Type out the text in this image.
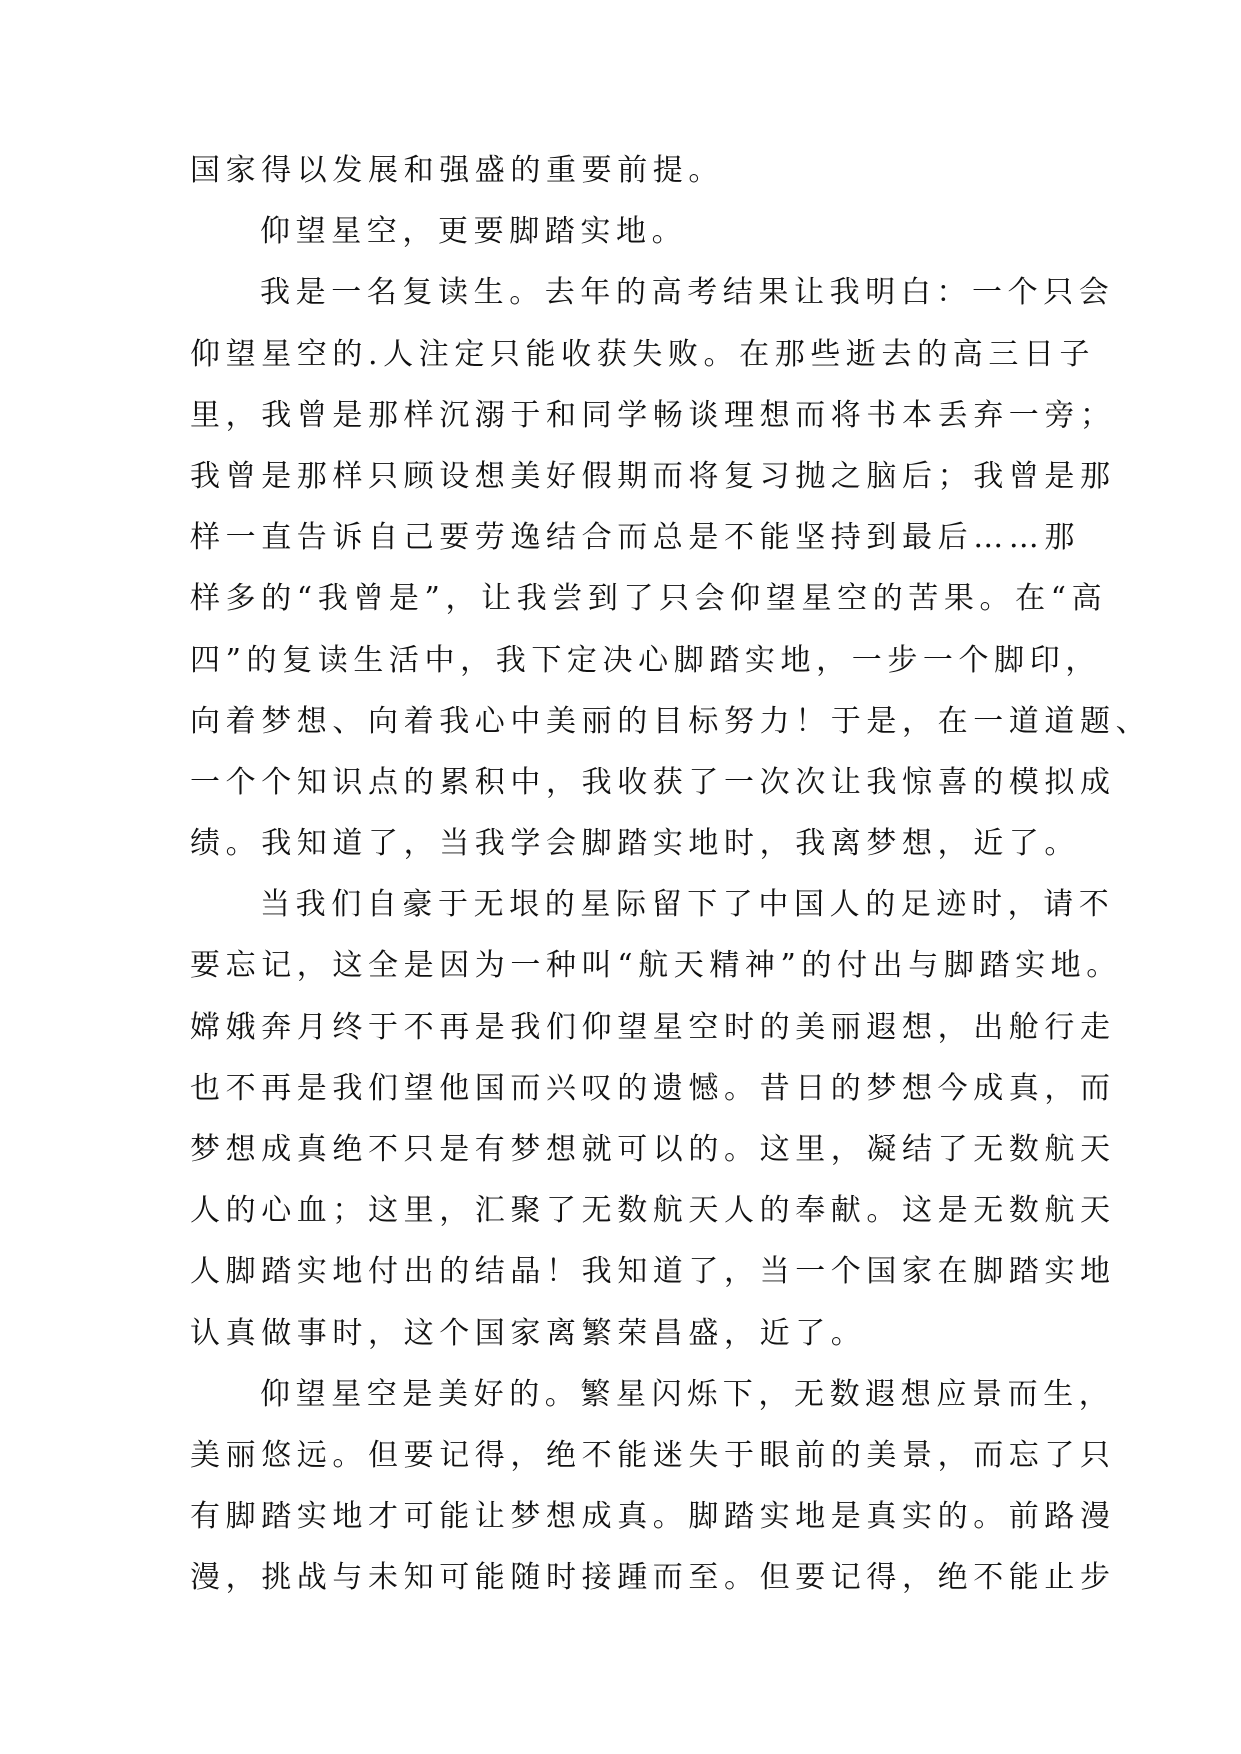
国家得以发展和强盛的重要前提。
仰望星空，更要脚踏实地。
我是一名复读生。去年的高考结果让我明白：一个只会
仰望星空的.人注定只能收获失败。在那些逝去的高三日子
里，我曾是那样沉溺于和同学畅谈理想而将书本丢弃一旁；
我曾是那样只顾设想美好假期而将复习抛之脑后；我曾是那
样一直告诉自己要劳逸结合而总是不能坚持到最后……那
样多的“我曾是”，让我尝到了只会仰望星空的苦果。在“高
四”的复读生活中，我下定决心脚踏实地，一步一个脚印，
向着梦想、向着我心中美丽的目标努力！于是，在一道道题、
一个个知识点的累积中，我收获了一次次让我惊喜的模拟成
绩。我知道了，当我学会脚踏实地时，我离梦想，近了。
当我们自豪于无垠的星际留下了中国人的足迹时，请不
要忘记，这全是因为一种叫“航天精神”的付出与脚踏实地。
嫦娥奔月终于不再是我们仰望星空时的美丽遐想，出舱行走
也不再是我们望他国而兴叹的遗憾。昔日的梦想今成真，而
梦想成真绝不只是有梦想就可以的。这里，凝结了无数航天
人的心血；这里，汇聚了无数航天人的奉献。这是无数航天
人脚踏实地付出的结晶！我知道了，当一个国家在脚踏实地
认真做事时，这个国家离繁荣昌盛，近了。
仰望星空是美好的。繁星闪烁下，无数遐想应景而生，
美丽悠远。但要记得，绝不能迷失于眼前的美景，而忘了只
有脚踏实地才可能让梦想成真。脚踏实地是真实的。前路漫
漫，挑战与未知可能随时接踵而至。但要记得，绝不能止步
